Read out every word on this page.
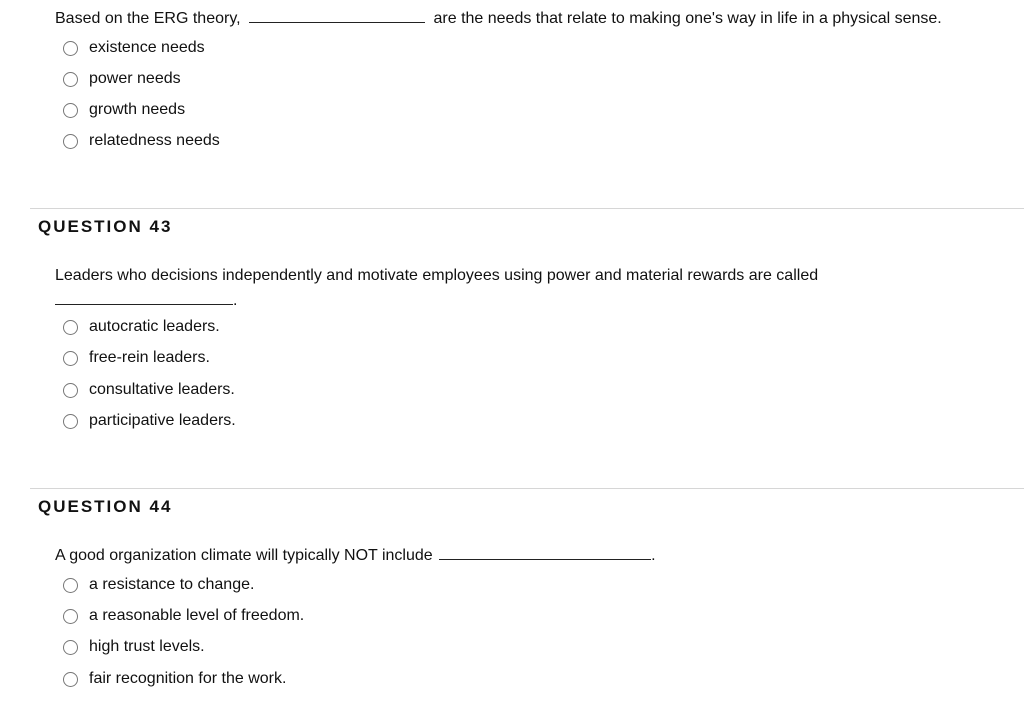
Based on the ERG theory,	are the needs that relate to making one's way in life in a physical sense.
existence needs
power needs
growth needs
relatedness needs
QUESTION 43
Leaders who decisions independently and motivate employees using power and material rewards are called
.
autocratic leaders.
free-rein leaders.
consultative leaders.
participative leaders.
QUESTION 44
A good organization climate will typically NOT include	.
a resistance to change.
a reasonable level of freedom.
high trust levels.
fair recognition for the work.
